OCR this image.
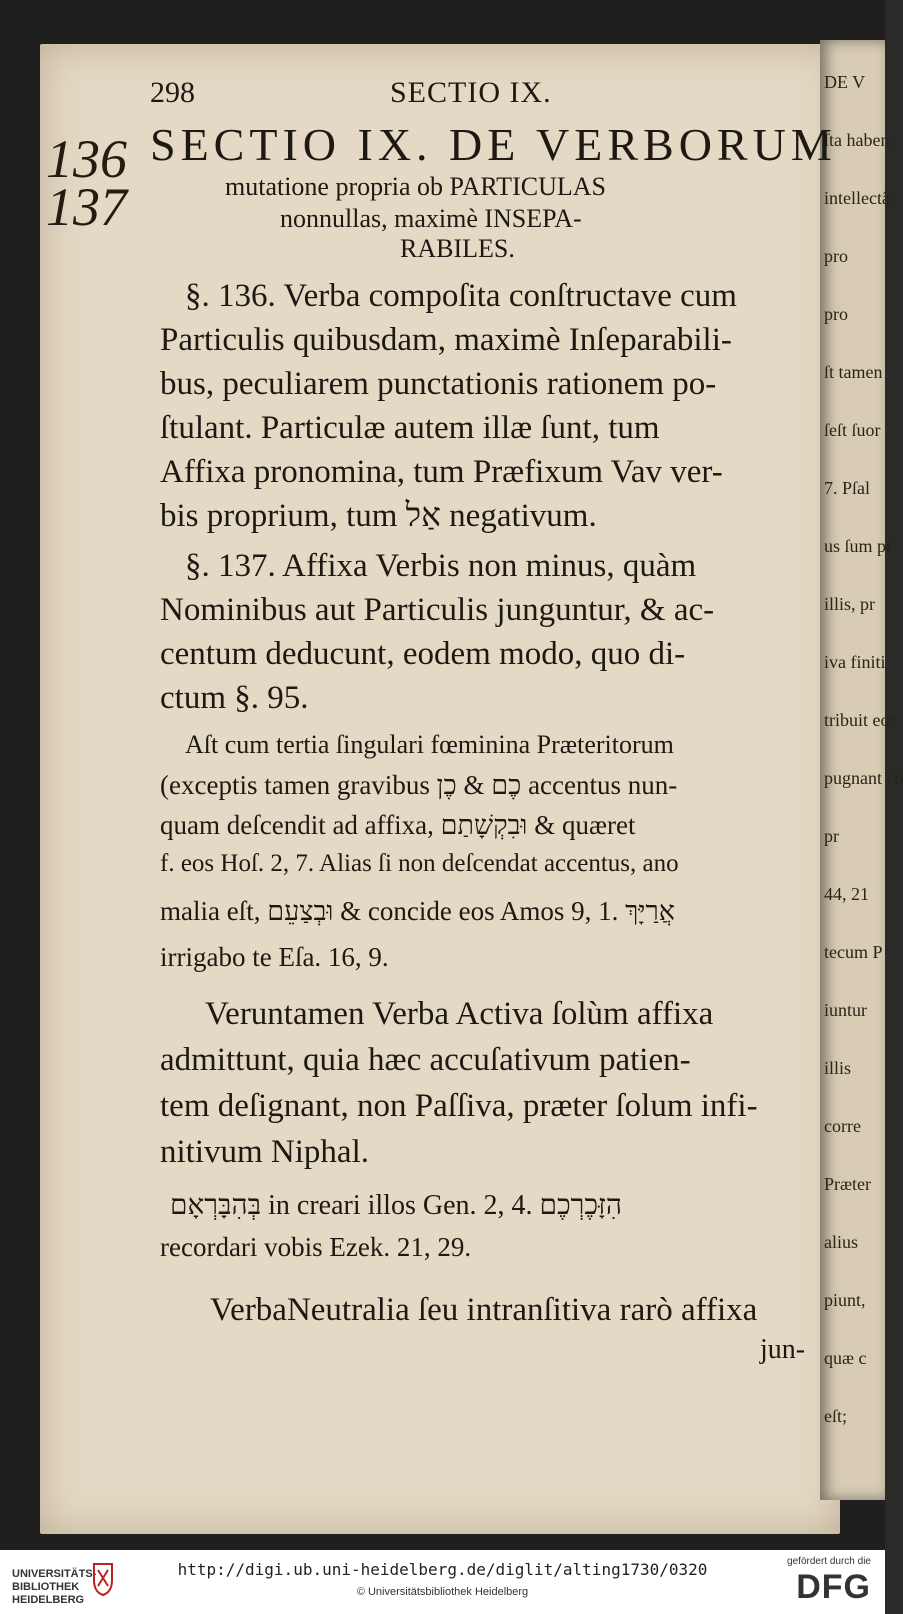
DE V
ſta haben
intellectâ
pro
pro
ſt tamen
ſeſt ſuor
7. Pſal
us ſum pr
illis, pr
iva finiti
tribuit eos
pugnant co
pr
44, 21
tecum P
iuntur
illis
corre
Præter
alius
piunt,
quæ c
eſt;
298	SECTIO IX.
136
137
SECTIO IX. DE VERBORUM
mutatione propria ob PARTICULAS
nonnullas, maximè INSEPA-
RABILES.
§. 136. Verba compoſita conſtructave cum
Particulis quibusdam, maximè Inſeparabili-
bus, peculiarem punctationis rationem po-
ſtulant. Particulæ autem illæ ſunt, tum
Affixa pronomina, tum Præfixum Vav ver-
bis proprium, tum אַל negativum.
§. 137. Affixa Verbis non minus, quàm
Nominibus aut Particulis junguntur, & ac-
centum deducunt, eodem modo, quo di-
ctum §. 95.
Aſt cum tertia ſingulari fœminina Præteritorum
(exceptis tamen gravibus כֶם & כֶן accentus nun-
quam deſcendit ad affixa, וּבִקְשָׁתַם & quæret
f. eos Hoſ. 2, 7. Alias ſi non deſcendat accentus, ano
malia eſt, וּבְצַעֵם & concide eos Amos 9, 1. אֲרַיָּךְ
irrigabo te Eſa. 16, 9.
Veruntamen Verba Activa ſolùm affixa
admittunt, quia hæc accuſativum patien-
tem deſignant, non Paſſiva, præter ſolum infi-
nitivum Niphal.
בְּהִבָּרְאָם in creari illos Gen. 2, 4. הִזָּכֶרְכֶם
recordari vobis Ezek. 21, 29.
VerbaNeutralia ſeu intranſitiva rarò affixa
jun-
UNIVERSITÄTS-
BIBLIOTHEK
HEIDELBERG
http://digi.ub.uni-heidelberg.de/diglit/alting1730/0320
© Universitätsbibliothek Heidelberg
gefördert durch die
DFG
